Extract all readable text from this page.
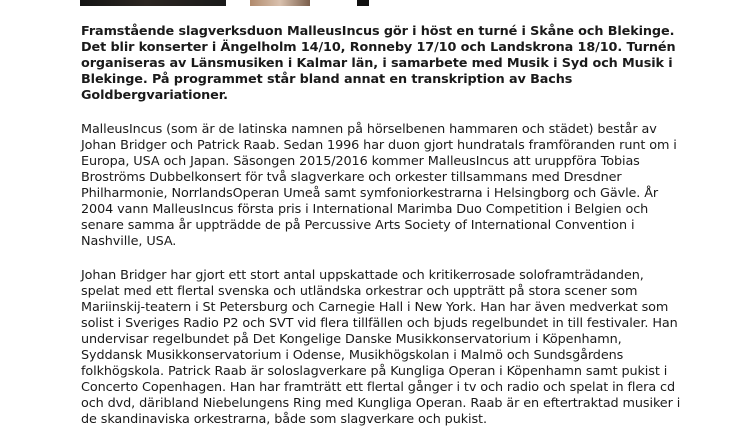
Framstående slagverksduon MalleusIncus gör i höst en turné i Skåne och Blekinge. Det blir konserter i Ängelholm 14/10, Ronneby 17/10 och Landskrona 18/10. Turnén organiseras av Länsmusiken i Kalmar län, i samarbete med Musik i Syd och Musik i Blekinge. På programmet står bland annat en transkription av Bachs Goldbergvariationer.

MalleusIncus (som är de latinska namnen på hörselbenen hammaren och städet) består av Johan Bridger och Patrick Raab. Sedan 1996 har duon gjort hundratals framföranden runt om i Europa, USA och Japan. Säsongen 2015/2016 kommer MalleusIncus att uruppföra Tobias Broströms Dubbelkonsert för två slagverkare och orkester tillsammans med Dresdner Philharmonie, NorrlandsOperan Umeå samt symfoniorkestrarna i Helsingborg och Gävle. År 2004 vann MalleusIncus första pris i International Marimba Duo Competition i Belgien och senare samma år uppträdde de på Percussive Arts Society of International Convention i Nashville, USA.

Johan Bridger har gjort ett stort antal uppskattade och kritikerrosade soloframträdanden, spelat med ett flertal svenska och utländska orkestrar och uppträtt på stora scener som Mariinskij-teatern i St Petersburg och Carnegie Hall i New York. Han har även medverkat som solist i Sveriges Radio P2 och SVT vid flera tillfällen och bjuds regelbundet in till festivaler. Han undervisar regelbundet på Det Kongelige Danske Musikkonservatorium i Köpenhamn, Syddansk Musikkonservatorium i Odense, Musikhögskolan i Malmö och Sundsgårdens folkhögskola. Patrick Raab är soloslagverkare på Kungliga Operan i Köpenhamn samt pukist i Concerto Copenhagen. Han har framträtt ett flertal gånger i tv och radio och spelat in flera cd och dvd, däribland Niebelungens Ring med Kungliga Operan. Raab är en eftertraktad musiker i de skandinaviska orkestrarna, både som slagverkare och pukist.
